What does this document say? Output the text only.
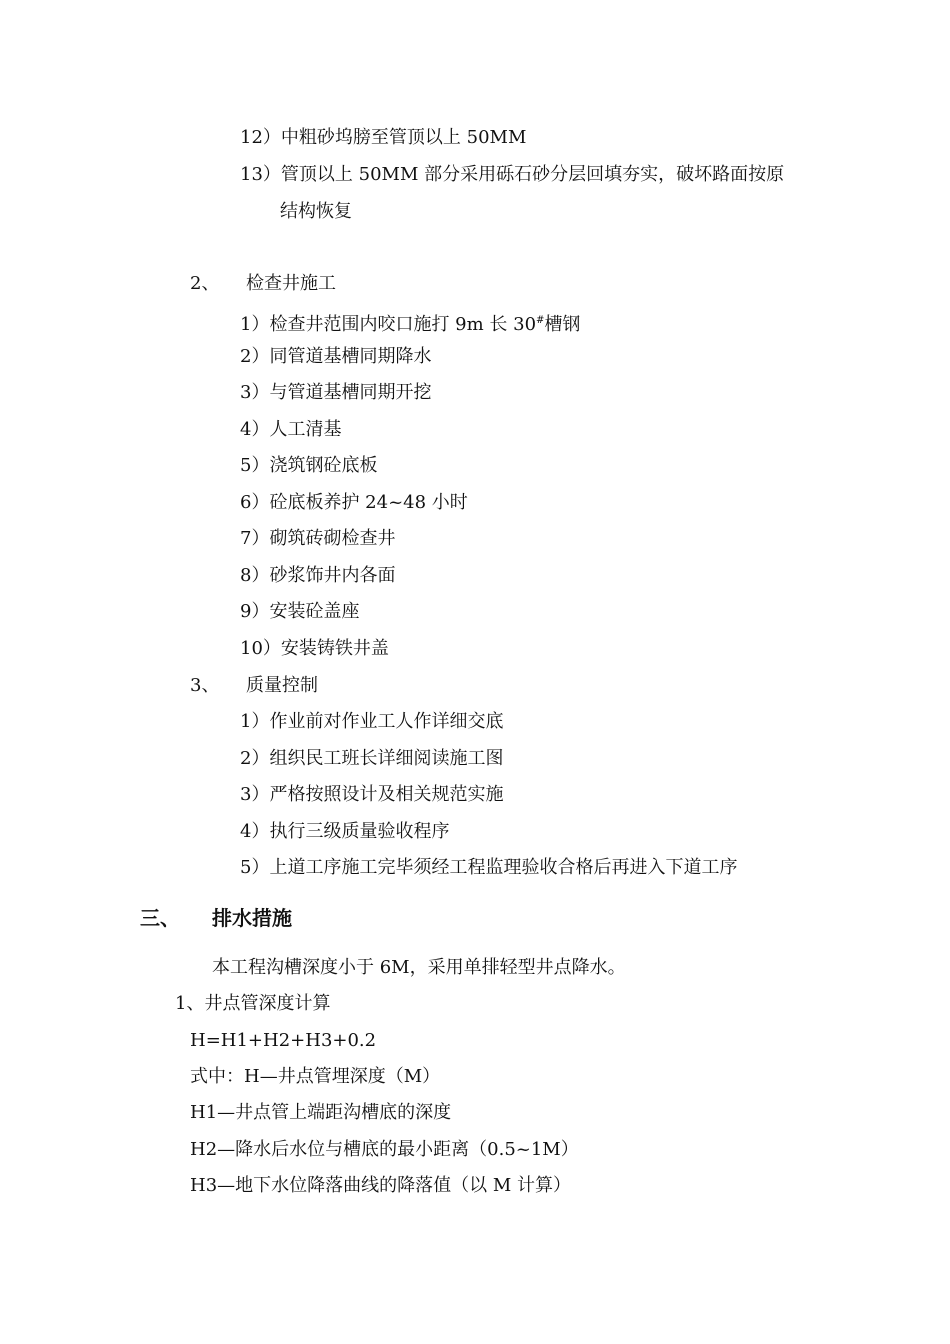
12）中粗砂坞膀至管顶以上 50MM
13）管顶以上 50MM 部分采用砾石砂分层回填夯实，破坏路面按原
结构恢复
2、 检查井施工
1）检查井范围内咬口施打 9m 长 30#槽钢
2）同管道基槽同期降水
3）与管道基槽同期开挖
4）人工清基
5）浇筑钢砼底板
6）砼底板养护 24~48 小时
7）砌筑砖砌检查井
8）砂浆饰井内各面
9）安装砼盖座
10）安装铸铁井盖
3、 质量控制
1）作业前对作业工人作详细交底
2）组织民工班长详细阅读施工图
3）严格按照设计及相关规范实施
4）执行三级质量验收程序
5）上道工序施工完毕须经工程监理验收合格后再进入下道工序
三、 排水措施
本工程沟槽深度小于 6M，采用单排轻型井点降水。
1、井点管深度计算
H=H1+H2+H3+0.2
式中：H—井点管埋深度（M）
H1—井点管上端距沟槽底的深度
H2—降水后水位与槽底的最小距离（0.5~1M）
H3—地下水位降落曲线的降落值（以 M 计算）
